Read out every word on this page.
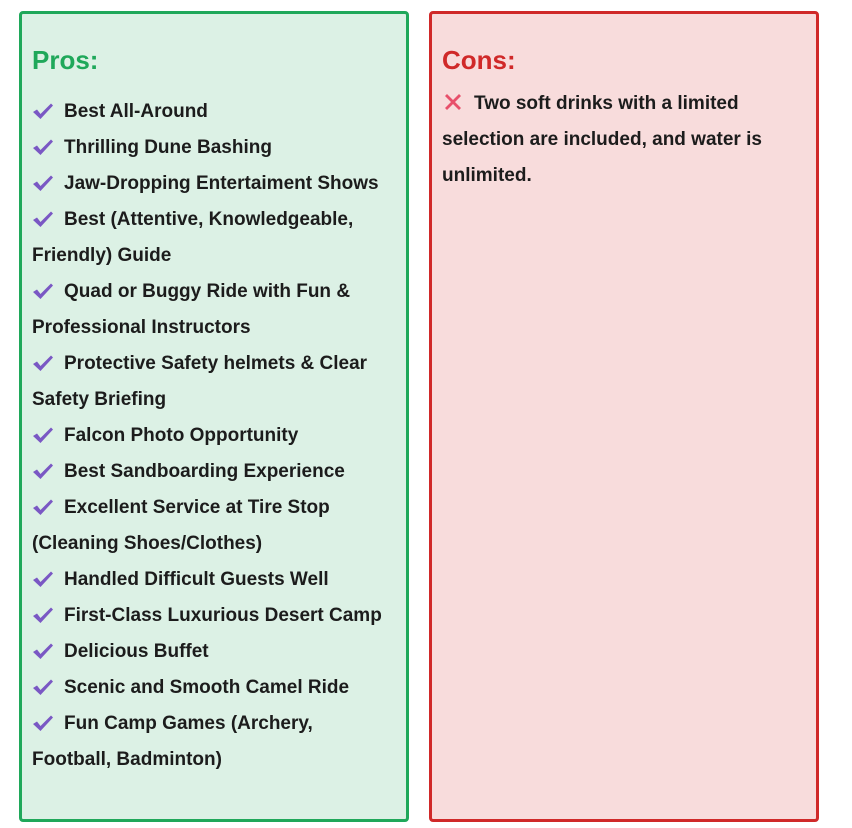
Pros:
Best All-Around
Thrilling Dune Bashing
Jaw-Dropping Entertaiment Shows
Best (Attentive, Knowledgeable, Friendly) Guide
Quad or Buggy Ride with Fun & Professional Instructors
Protective Safety helmets & Clear Safety Briefing
Falcon Photo Opportunity
Best Sandboarding Experience
Excellent Service at Tire Stop (Cleaning Shoes/Clothes)
Handled Difficult Guests Well
First-Class Luxurious Desert Camp
Delicious Buffet
Scenic and Smooth Camel Ride
Fun Camp Games (Archery, Football, Badminton)
Cons:
Two soft drinks with a limited selection are included, and water is unlimited.
